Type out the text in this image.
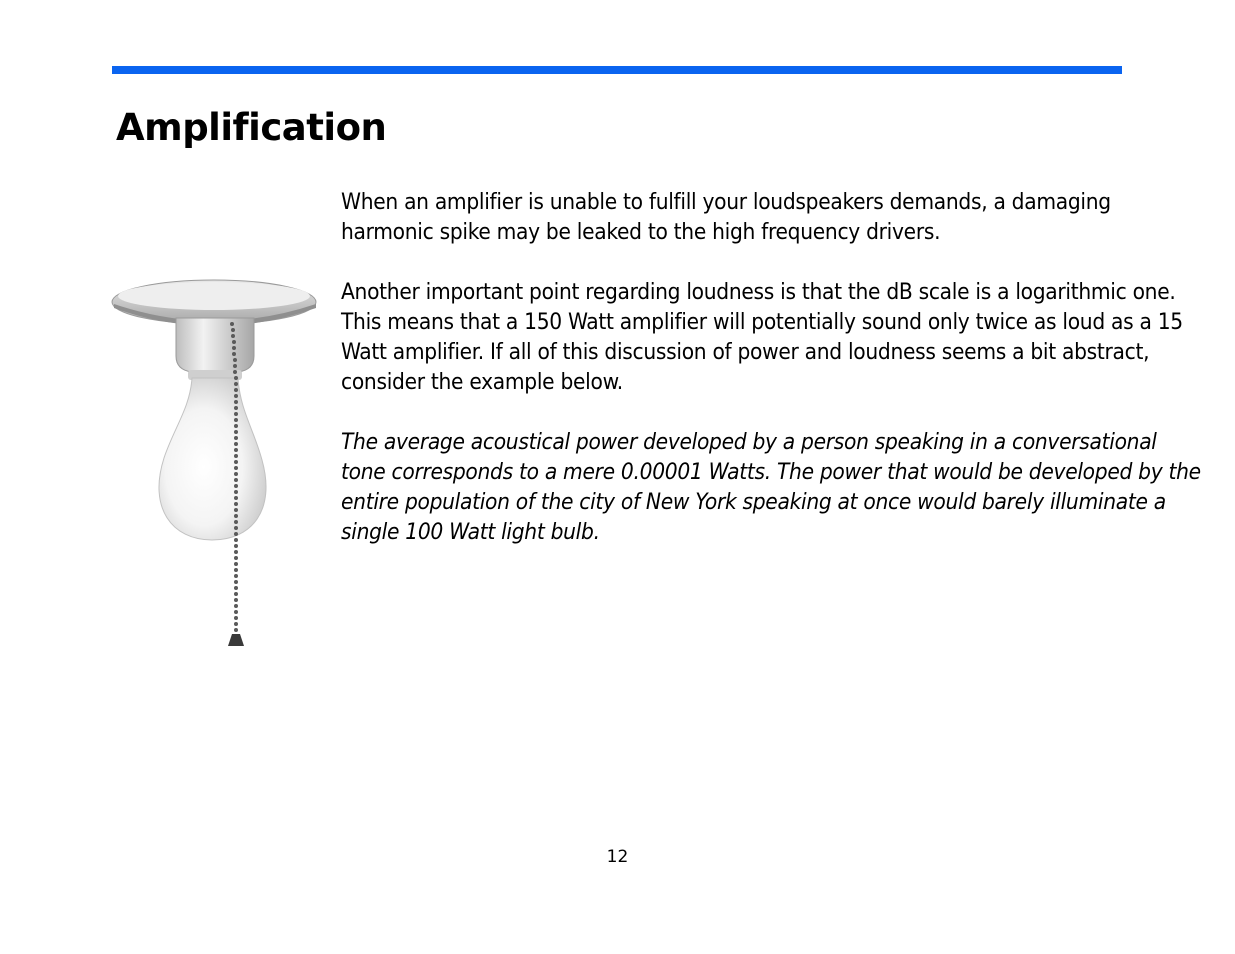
Amplification

When an amplifier is unable to fulfill your loudspeakers demands, a damaging harmonic spike may be leaked to the high frequency drivers.

Another important point regarding loudness is that the dB scale is a logarithmic one. This means that a 150 Watt amplifier will potentially sound only twice as loud as a 15 Watt amplifier. If all of this discussion of power and loudness seems a bit abstract, consider the example below.

The average acoustical power developed by a person speaking in a conversational tone corresponds to a mere 0.00001 Watts. The power that would be developed by the entire population of the city of New York speaking at once would barely illuminate a single 100 Watt light bulb.

12
